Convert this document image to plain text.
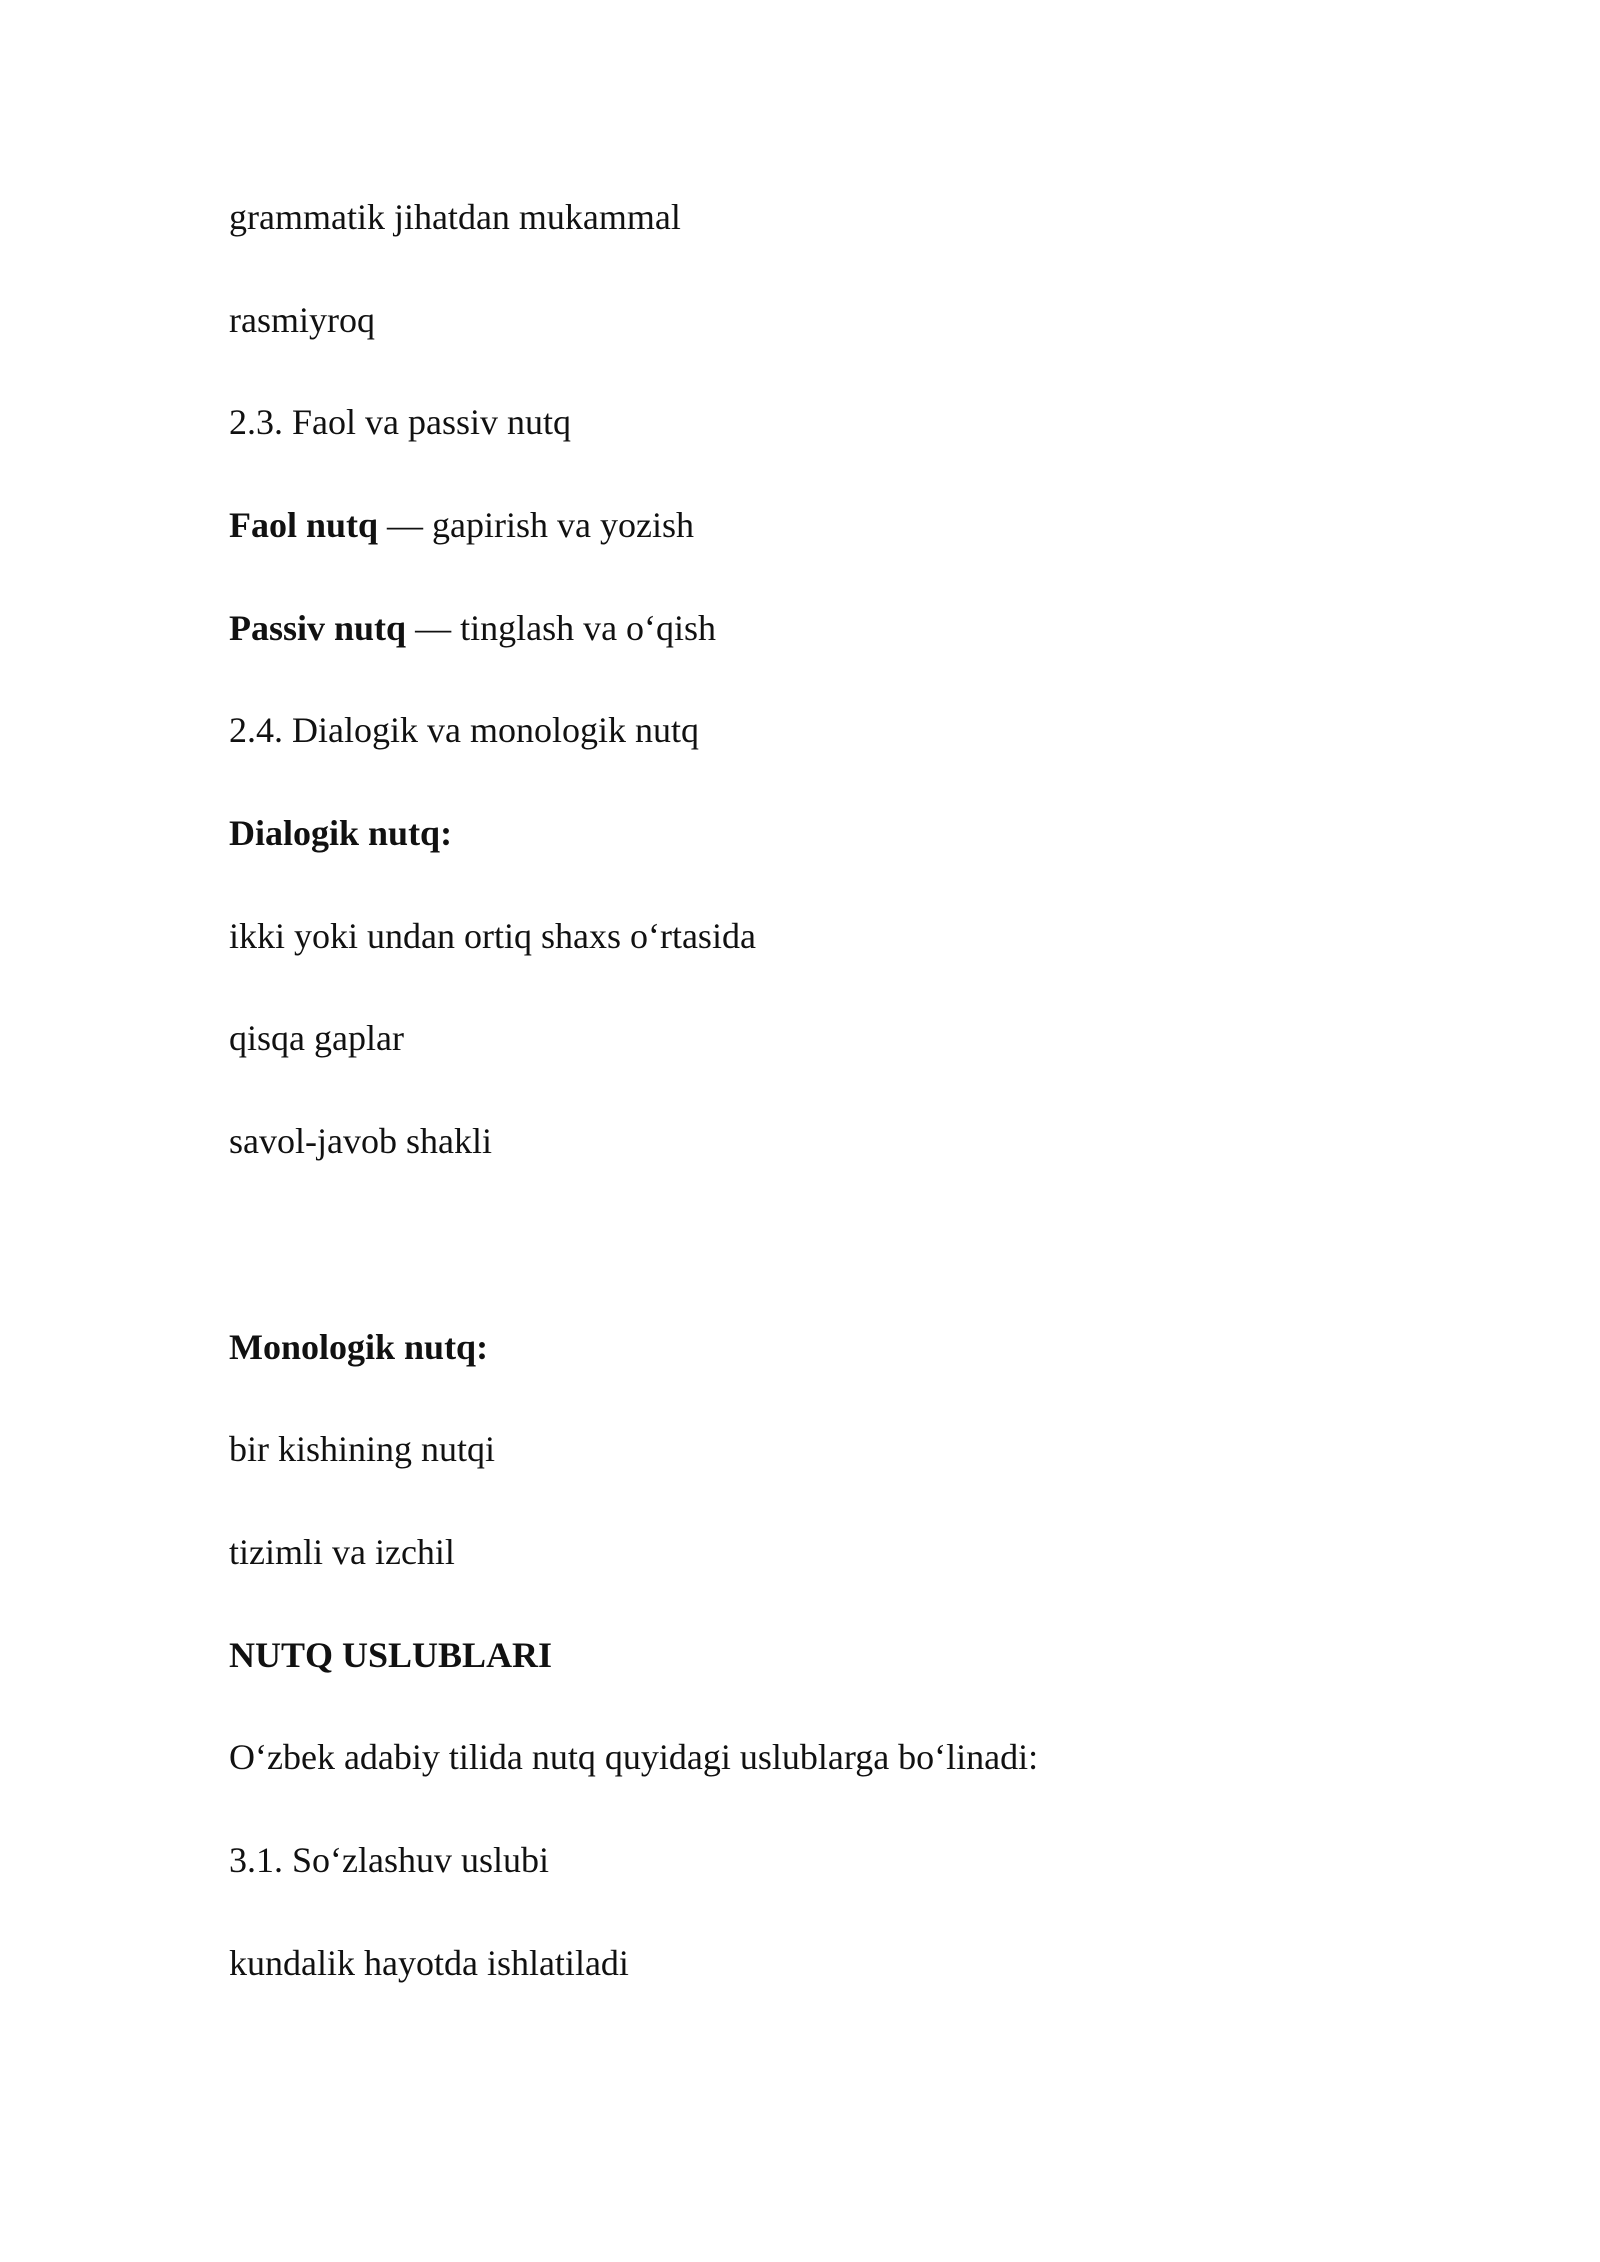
grammatik jihatdan mukammal
rasmiyroq
2.3. Faol va passiv nutq
Faol nutq — gapirish va yozish
Passiv nutq — tinglash va o‘qish
2.4. Dialogik va monologik nutq
Dialogik nutq:
ikki yoki undan ortiq shaxs o‘rtasida
qisqa gaplar
savol-javob shakli
Monologik nutq:
bir kishining nutqi
tizimli va izchil
NUTQ USLUBLARI
O‘zbek adabiy tilida nutq quyidagi uslublarga bo‘linadi:
3.1. So‘zlashuv uslubi
kundalik hayotda ishlatiladi
